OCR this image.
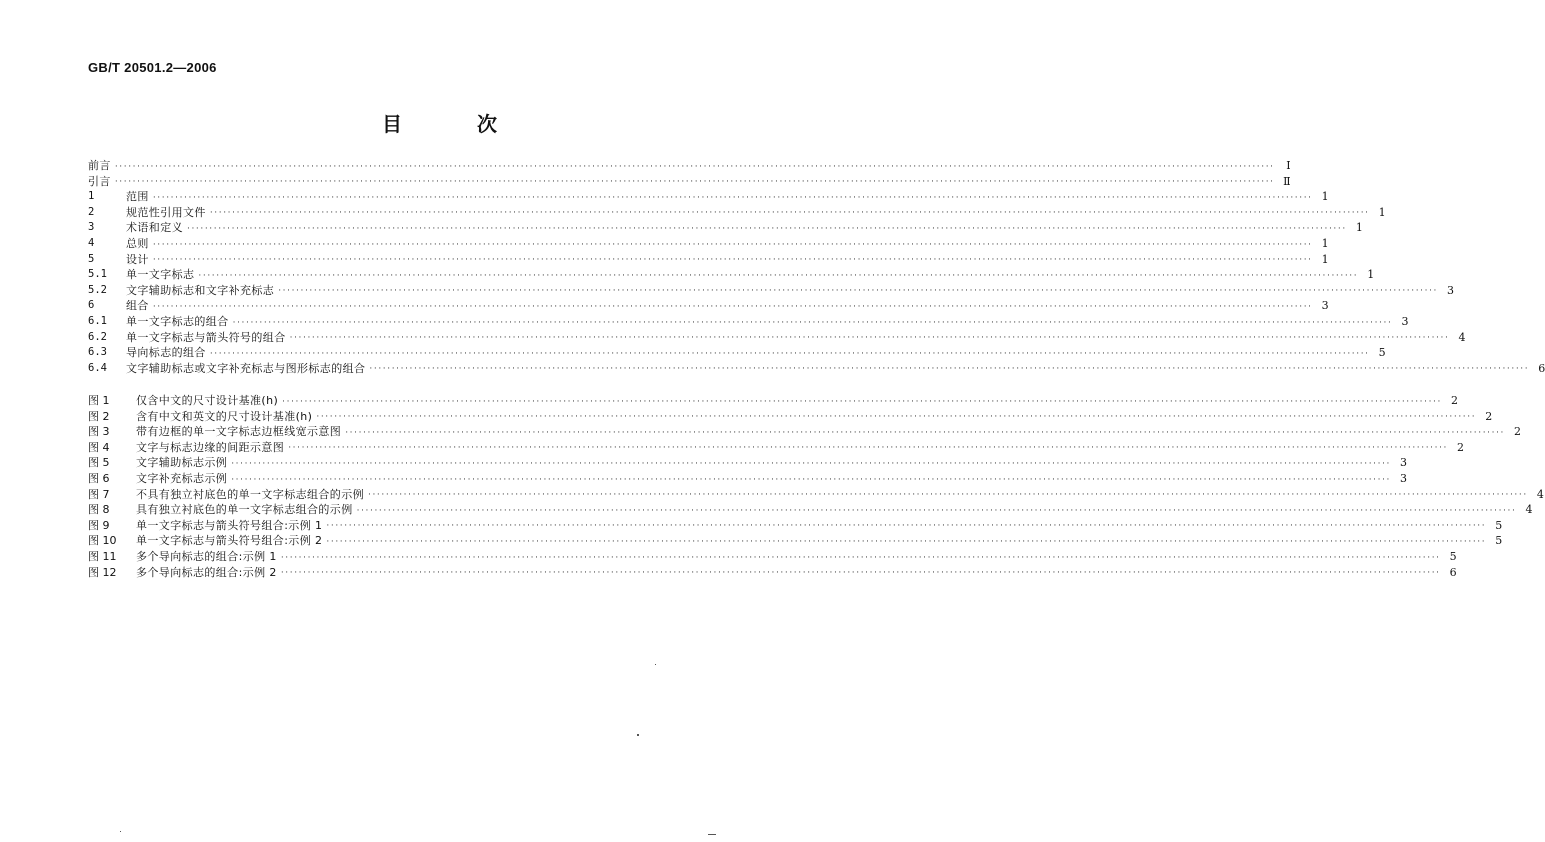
GB/T 20501.2—2006
目 次
前言 ····································································································································································································································································	Ⅰ
引言 ···································································································································································································································································· Ⅱ
1	范围 ···································································································································································································································································· 1
2	规范性引用文件 ···································································································································································································································································· 1
3	术语和定义 ···································································································································································································································································· 1
4	总则 ···································································································································································································································································· 1
5	设计 ···································································································································································································································································· 1
5.1	单一文字标志 ···································································································································································································································································· 1
5.2	文字辅助标志和文字补充标志 ···································································································································································································································································· 3
6	组合 ···································································································································································································································································· 3
6.1	单一文字标志的组合 ···································································································································································································································································· 3
6.2	单一文字标志与箭头符号的组合 ···································································································································································································································································· 4
6.3	导向标志的组合 ···································································································································································································································································· 5
6.4	文字辅助标志或文字补充标志与图形标志的组合 ···································································································································································································································································· 6
图 1	仅含中文的尺寸设计基准(h) ···································································································································································································································································· 2
图 2	含有中文和英文的尺寸设计基准(h) ···································································································································································································································································· 2
图 3	带有边框的单一文字标志边框线宽示意图 ···································································································································································································································································· 2
图 4	文字与标志边缘的间距示意图 ···································································································································································································································································· 2
图 5	文字辅助标志示例 ···································································································································································································································································· 3
图 6	文字补充标志示例 ···································································································································································································································································· 3
图 7	不具有独立衬底色的单一文字标志组合的示例 ···································································································································································································································································· 4
图 8	具有独立衬底色的单一文字标志组合的示例 ···································································································································································································································································· 4
图 9	单一文字标志与箭头符号组合:示例 1 ···································································································································································································································································· 5
图 10	单一文字标志与箭头符号组合:示例 2 ···································································································································································································································································· 5
图 11	多个导向标志的组合:示例 1 ···································································································································································································································································· 5
图 12	多个导向标志的组合:示例 2 ···································································································································································································································································· 6
